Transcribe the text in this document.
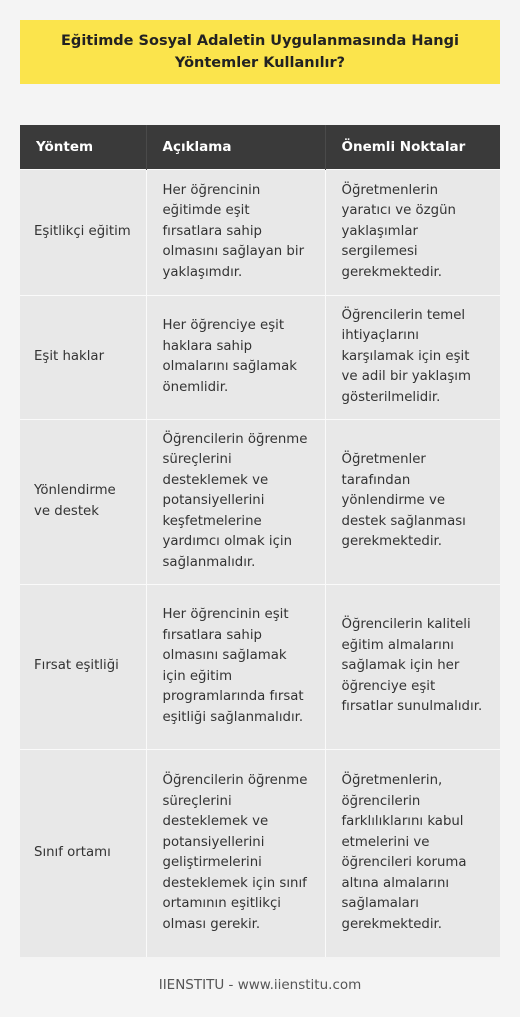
Eğitimde Sosyal Adaletin Uygulanmasında Hangi Yöntemler Kullanılır?
Yöntem	Açıklama	Önemli Noktalar
Eşitlikçi eğitim	Her öğrencinin eğitimde eşit fırsatlara sahip olmasını sağlayan bir yaklaşımdır.	Öğretmenlerin yaratıcı ve özgün yaklaşımlar sergilemesi gerekmektedir.
Eşit haklar	Her öğrenciye eşit haklara sahip olmalarını sağlamak önemlidir.	Öğrencilerin temel ihtiyaçlarını karşılamak için eşit ve adil bir yaklaşım gösterilmelidir.
Yönlendirme ve destek	Öğrencilerin öğrenme süreçlerini desteklemek ve potansiyellerini keşfetmelerine yardımcı olmak için sağlanmalıdır.	Öğretmenler tarafından yönlendirme ve destek sağlanması gerekmektedir.
Fırsat eşitliği	Her öğrencinin eşit fırsatlara sahip olmasını sağlamak için eğitim programlarında fırsat eşitliği sağlanmalıdır.	Öğrencilerin kaliteli eğitim almalarını sağlamak için her öğrenciye eşit fırsatlar sunulmalıdır.
Sınıf ortamı	Öğrencilerin öğrenme süreçlerini desteklemek ve potansiyellerini geliştirmelerini desteklemek için sınıf ortamının eşitlikçi olması gerekir.	Öğretmenlerin, öğrencilerin farklılıklarını kabul etmelerini ve öğrencileri koruma altına almalarını sağlamaları gerekmektedir.
IIENSTITU - www.iienstitu.com
